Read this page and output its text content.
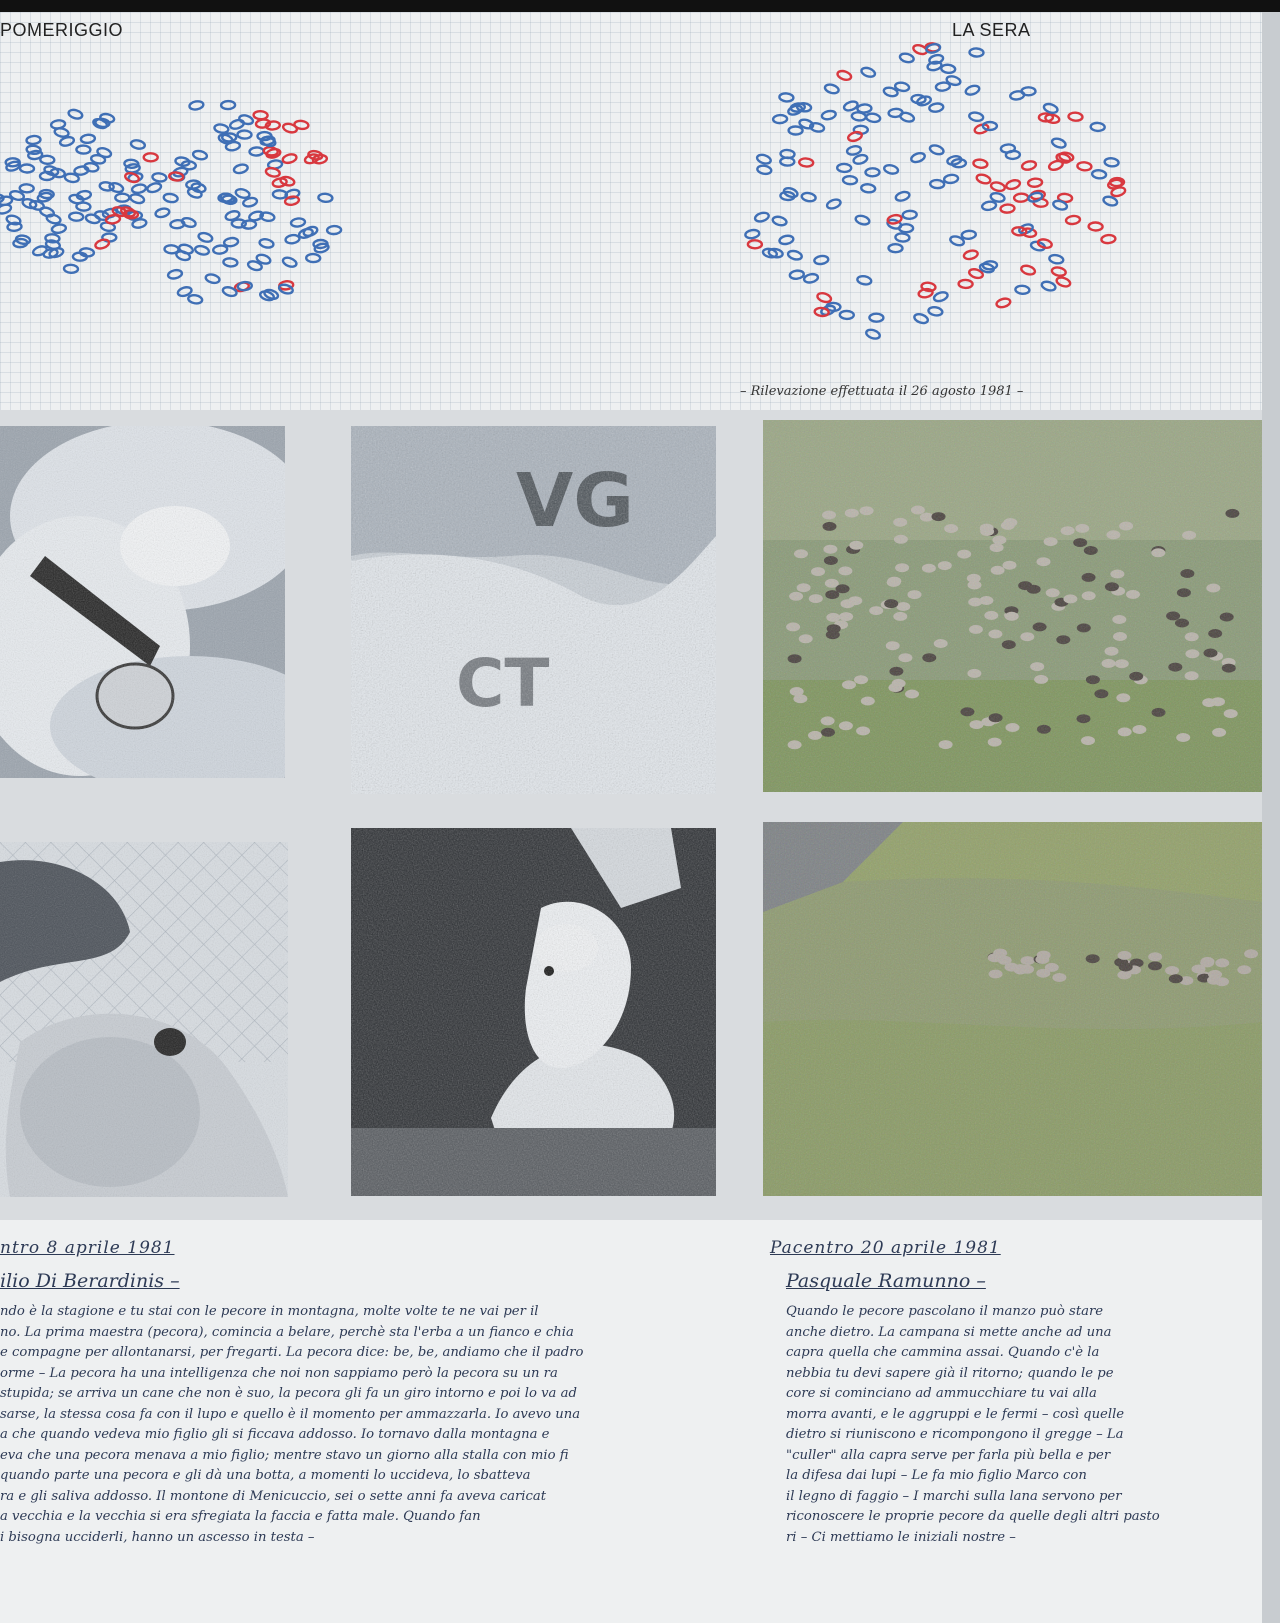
POMERIGGIO	LA SERA
– Rilevazione effettuata il 26 agosto 1981 –
ntro 8 aprile 1981
ilio Di Berardinis –
ndo è la stagione e tu stai con le pecore in montagna, molte volte te ne vai per il
no. La prima maestra (pecora), comincia a belare, perchè sta l'erba a un fianco e chia
e compagne per allontanarsi, per fregarti. La pecora dice: be, be, andiamo che il padro
orme – La pecora ha una intelligenza che noi non sappiamo però la pecora su un ra
stupida; se arriva un cane che non è suo, la pecora gli fa un giro intorno e poi lo va ad
sarse, la stessa cosa fa con il lupo e quello è il momento per ammazzarla. Io avevo una
a che quando vedeva mio figlio gli si ficcava addosso. Io tornavo dalla montagna e
eva che una pecora menava a mio figlio; mentre stavo un giorno alla stalla con mio fi
quando parte una pecora e gli dà una botta, a momenti lo uccideva, lo sbatteva
ra e gli saliva addosso. Il montone di Menicuccio, sei o sette anni fa aveva caricat
a vecchia e la vecchia si era sfregiata la faccia e fatta male. Quando fan
i bisogna ucciderli, hanno un ascesso in testa –
Pacentro 20 aprile 1981
Pasquale Ramunno –
Quando le pecore pascolano il manzo può stare
anche dietro. La campana si mette anche ad una
capra quella che cammina assai. Quando c'è la
nebbia tu devi sapere già il ritorno; quando le pe
core si cominciano ad ammucchiare tu vai alla
morra avanti, e le aggruppi e le fermi – così quelle
dietro si riuniscono e ricompongono il gregge – La
"culler" alla capra serve per farla più bella e per
la difesa dai lupi – Le fa mio figlio Marco con
il legno di faggio – I marchi sulla lana servono per
riconoscere le proprie pecore da quelle degli altri pasto
ri – Ci mettiamo le iniziali nostre –
